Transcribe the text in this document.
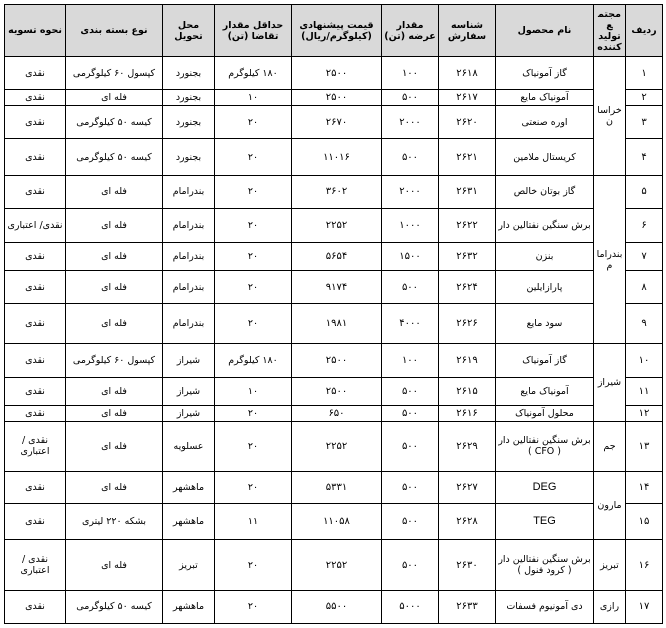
ردیف	مجتمع تولید کننده	نام محصول	شناسه سفارش	مقدار عرضه (تن)	قیمت پیشنهادی (کیلوگرم/ریال)	حداقل مقدار تقاضا (تن)	محل تحویل	نوع بسته بندی	نحوه تسویه
۱	خراسان	گاز آمونیاک	۲۶۱۸	۱۰۰	۲۵۰۰	۱۸۰ کیلوگرم	بجنورد	کپسول ۶۰ کیلوگرمی	نقدی
۲		آمونیاک مایع	۲۶۱۷	۵۰۰	۲۵۰۰	۱۰	بجنورد	فله ای	نقدی
۳		اوره صنعتی	۲۶۲۰	۲۰۰۰	۲۶۷۰	۲۰	بجنورد	کیسه ۵۰ کیلوگرمی	نقدی
۴		کریستال ملامین	۲۶۲۱	۵۰۰	۱۱۰۱۶	۲۰	بجنورد	کیسه ۵۰ کیلوگرمی	نقدی
۵	بندرامام	گاز بوتان خالص	۲۶۳۱	۲۰۰۰	۳۶۰۲	۲۰	بندرامام	فله ای	نقدی
۶		برش سنگین نفتالین دار	۲۶۲۲	۱۰۰۰	۲۲۵۲	۲۰	بندرامام	فله ای	نقدی/ اعتباری
۷		بنزن	۲۶۳۲	۱۵۰۰	۵۶۵۴	۲۰	بندرامام	فله ای	نقدی
۸		پارازایلین	۲۶۲۴	۵۰۰	۹۱۷۴	۲۰	بندرامام	فله ای	نقدی
۹		سود مایع	۲۶۲۶	۴۰۰۰	۱۹۸۱	۲۰	بندرامام	فله ای	نقدی
۱۰	شیراز	گاز آمونیاک	۲۶۱۹	۱۰۰	۲۵۰۰	۱۸۰ کیلوگرم	شیراز	کپسول ۶۰ کیلوگرمی	نقدی
۱۱		آمونیاک مایع	۲۶۱۵	۵۰۰	۲۵۰۰	۱۰	شیراز	فله ای	نقدی
۱۲		محلول آمونیاک	۲۶۱۶	۵۰۰	۶۵۰	۲۰	شیراز	فله ای	نقدی
۱۳	جم	برش سنگین نفتالین دار ( CFO )	۲۶۲۹	۵۰۰	۲۲۵۲	۲۰	عسلویه	فله ای	نقدی / اعتباری
۱۴	مارون	DEG	۲۶۲۷	۵۰۰	۵۳۳۱	۲۰	ماهشهر	فله ای	نقدی
۱۵		TEG	۲۶۲۸	۵۰۰	۱۱۰۵۸	۱۱	ماهشهر	بشکه ۲۲۰ لیتری	نقدی
۱۶	تبریز	برش سنگین نفتالین دار ( کرود فنول )	۲۶۳۰	۵۰۰	۲۲۵۲	۲۰	تبریز	فله ای	نقدی / اعتباری
۱۷	رازی	دی آمونیوم فسفات	۲۶۳۳	۵۰۰۰	۵۵۰۰	۲۰	ماهشهر	کیسه ۵۰ کیلوگرمی	نقدی
